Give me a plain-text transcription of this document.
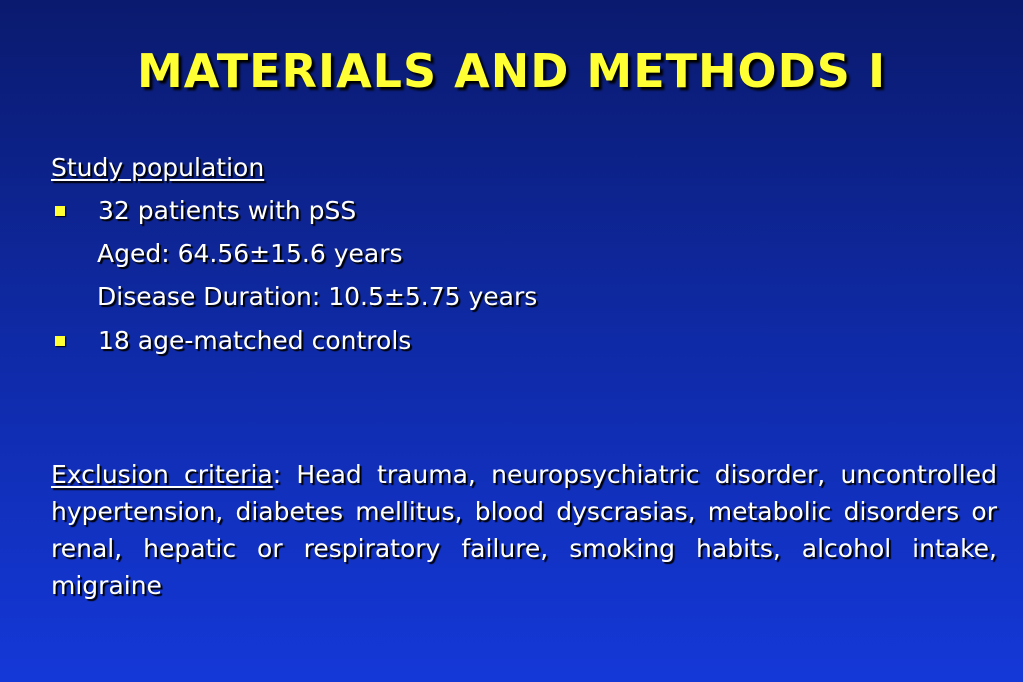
MATERIALS AND METHODS I
Study population
32 patients with pSS
Aged: 64.56±15.6 years
Disease Duration: 10.5±5.75 years
18 age-matched controls
Exclusion criteria: Head trauma, neuropsychiatric disorder, uncontrolled hypertension, diabetes mellitus, blood dyscrasias, metabolic disorders or renal, hepatic or respiratory failure, smoking habits, alcohol intake, migraine
